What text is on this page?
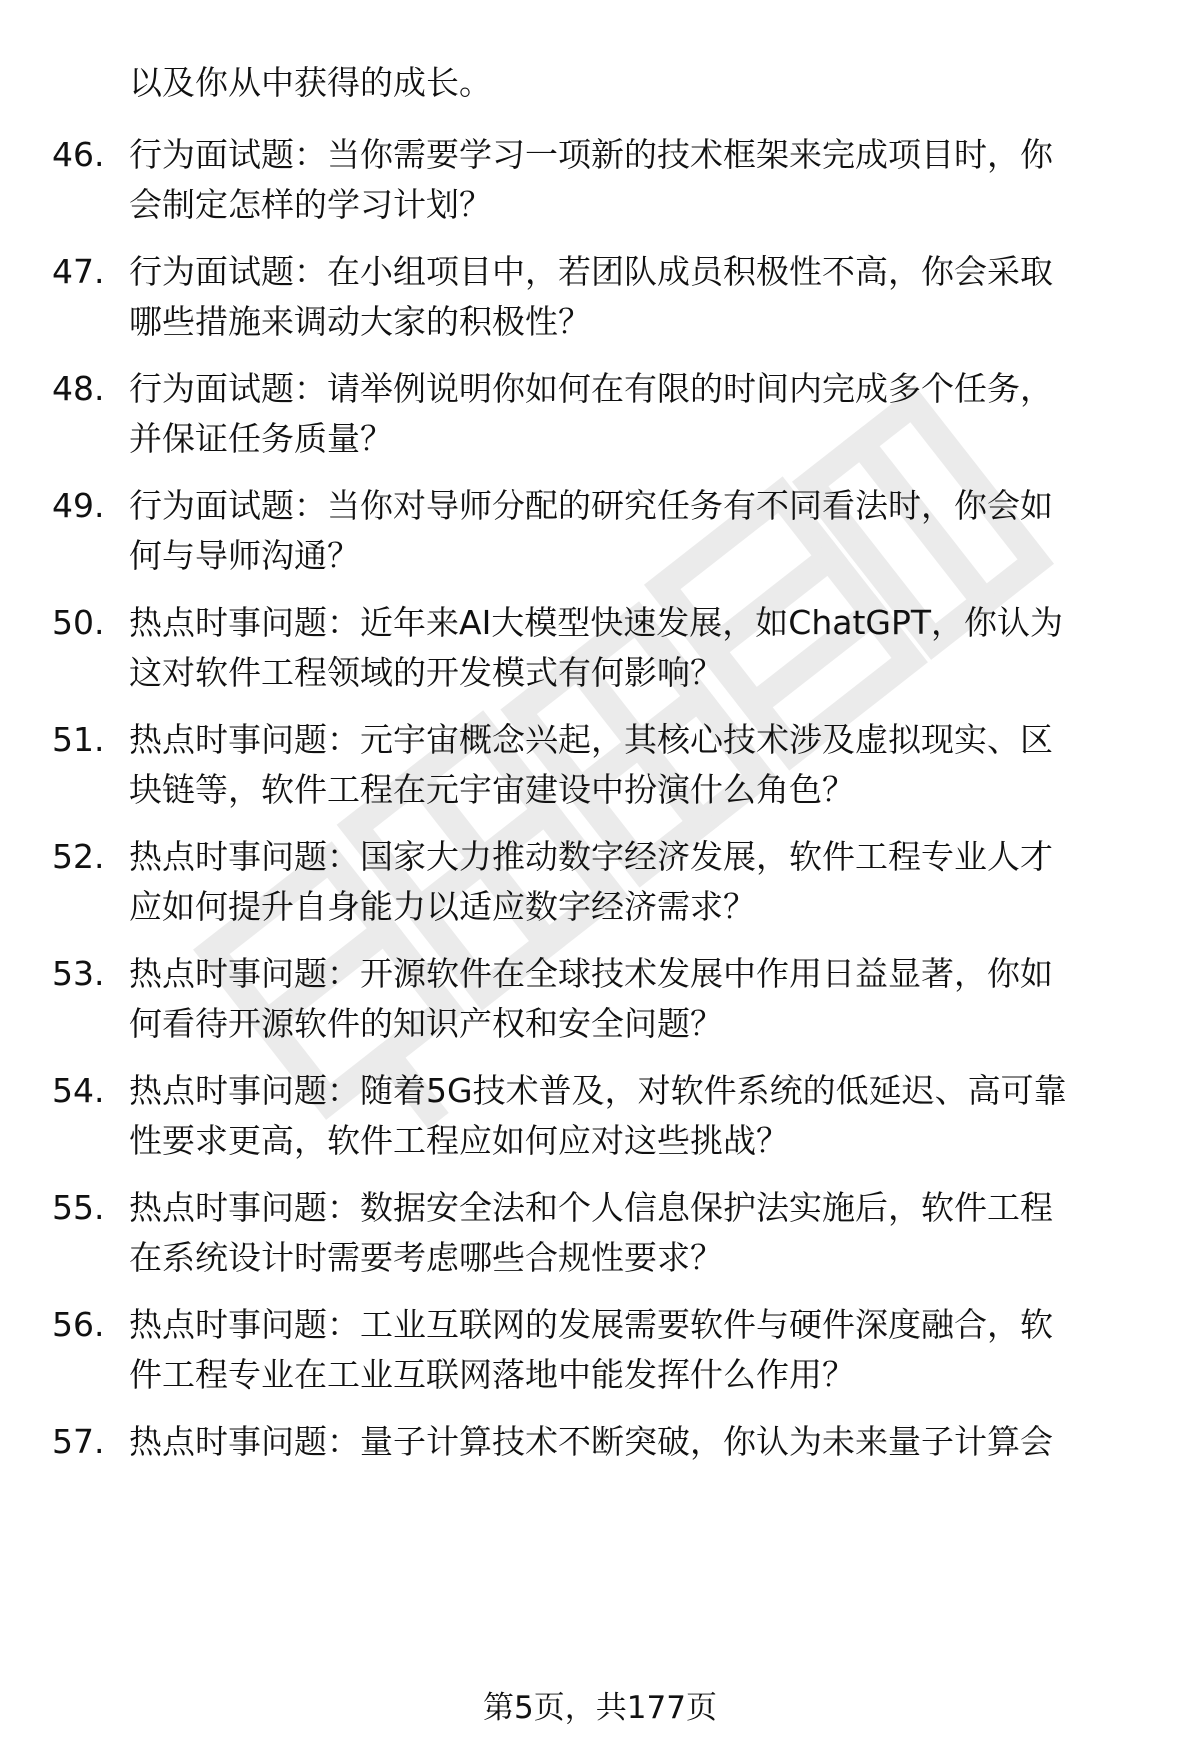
以及你从中获得的成长。
46. 行为面试题：当你需要学习一项新的技术框架来完成项目时，你
会制定怎样的学习计划？
47. 行为面试题：在小组项目中，若团队成员积极性不高，你会采取
哪些措施来调动大家的积极性？
48. 行为面试题：请举例说明你如何在有限的时间内完成多个任务，
并保证任务质量？
49. 行为面试题：当你对导师分配的研究任务有不同看法时，你会如
何与导师沟通？
50. 热点时事问题：近年来AI大模型快速发展，如ChatGPT，你认为
这对软件工程领域的开发模式有何影响？
51. 热点时事问题：元宇宙概念兴起，其核心技术涉及虚拟现实、区
块链等，软件工程在元宇宙建设中扮演什么角色？
52. 热点时事问题：国家大力推动数字经济发展，软件工程专业人才
应如何提升自身能力以适应数字经济需求？
53. 热点时事问题：开源软件在全球技术发展中作用日益显著，你如
何看待开源软件的知识产权和安全问题？
54. 热点时事问题：随着5G技术普及，对软件系统的低延迟、高可靠
性要求更高，软件工程应如何应对这些挑战？
55. 热点时事问题：数据安全法和个人信息保护法实施后，软件工程
在系统设计时需要考虑哪些合规性要求？
56. 热点时事问题：工业互联网的发展需要软件与硬件深度融合，软
件工程专业在工业互联网落地中能发挥什么作用？
57. 热点时事问题：量子计算技术不断突破，你认为未来量子计算会
第5页，共177页
